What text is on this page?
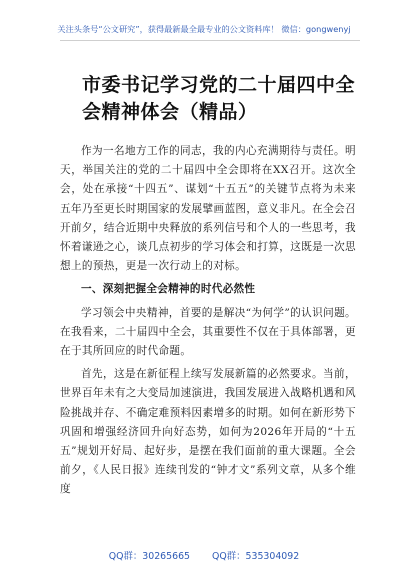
关注头条号“公文研究”，获得最新最全最专业的公文资料库！ 微信：gongwenyj
市委书记学习党的二十届四中全会精神体会（精品）

作为一名地方工作的同志，我的内心充满期待与责任。明天，举国关注的党的二十届四中全会即将在XX召开。这次全会，处在承接“十四五”、谋划“十五五”的关键节点将为未来五年乃至更长时期国家的发展擘画蓝图，意义非凡。在全会召开前夕，结合近期中央释放的系列信号和个人的一些思考，我怀着谦逊之心，谈几点初步的学习体会和打算，这既是一次思想上的预热，更是一次行动上的对标。

一、深刻把握全会精神的时代必然性

学习领会中央精神，首要的是解决“为何学”的认识问题。在我看来，二十届四中全会，其重要性不仅在于具体部署，更在于其所回应的时代命题。

首先，这是在新征程上续写发展新篇的必然要求。当前，世界百年未有之大变局加速演进，我国发展进入战略机遇和风险挑战并存、不确定难预料因素增多的时期。如何在新形势下巩固和增强经济回升向好态势，如何为2026年开局的“十五五”规划开好局、起好步，是摆在我们面前的重大课题。全会前夕，《人民日报》连续刊发的“钟才文”系列文章，从多个维度

QQ群：30265665 QQ群：535304092
